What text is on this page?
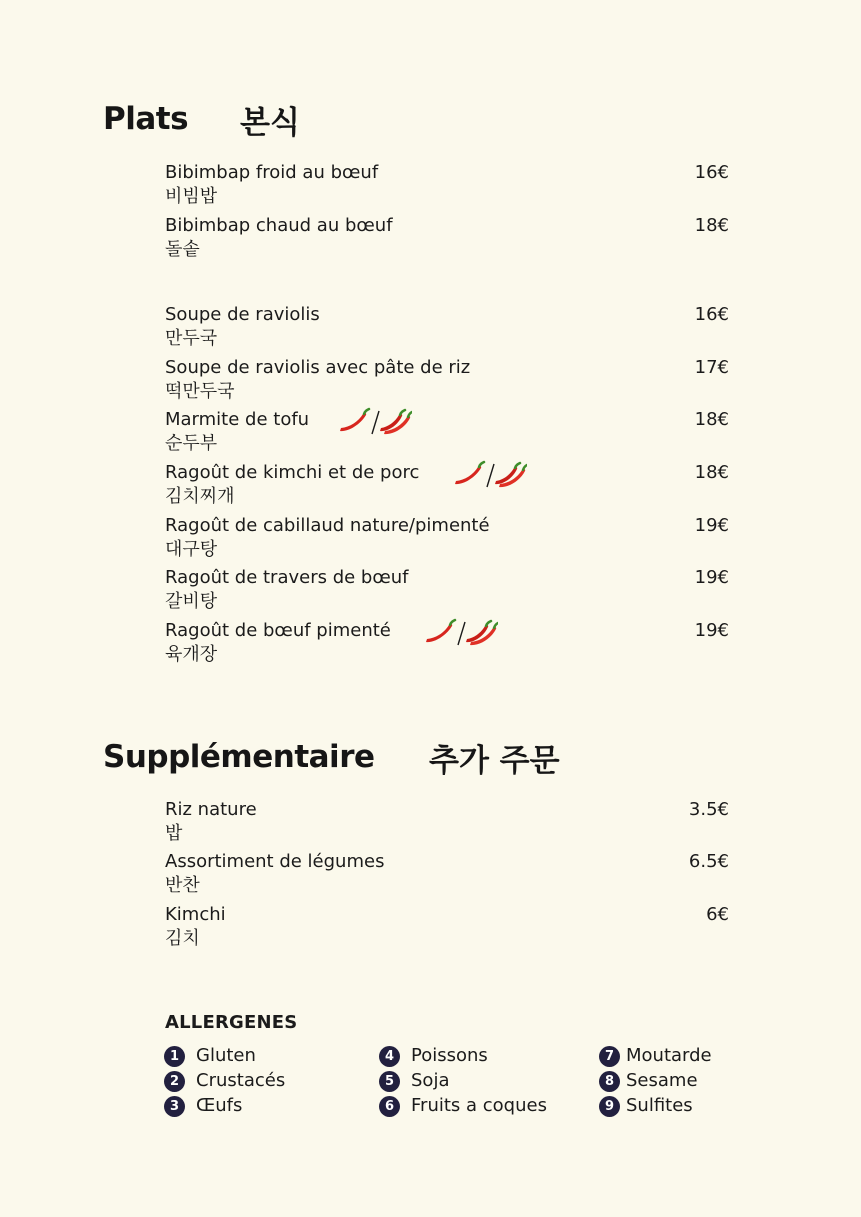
Plats 본식
Bibimbap froid au bœuf
비빔밥
16€
Bibimbap chaud au bœuf
돌솥
18€
Soupe de raviolis
만두국
16€
Soupe de raviolis avec pâte de riz
떡만두국
17€
Marmite de tofu
순두부
18€
Ragoût de kimchi et de porc
김치찌개
18€
Ragoût de cabillaud nature/pimenté
대구탕
19€
Ragoût de travers de bœuf
갈비탕
19€
Ragoût de bœuf pimenté
육개장
19€
Supplémentaire 추가 주문
Riz nature
밥
3.5€
Assortiment de légumes
반찬
6.5€
Kimchi
김치
6€
ALLERGENES
1 Gluten
2 Crustacés
3 Œufs
4 Poissons
5 Soja
6 Fruits a coques
7 Moutarde
8 Sesame
9 Sulfites
